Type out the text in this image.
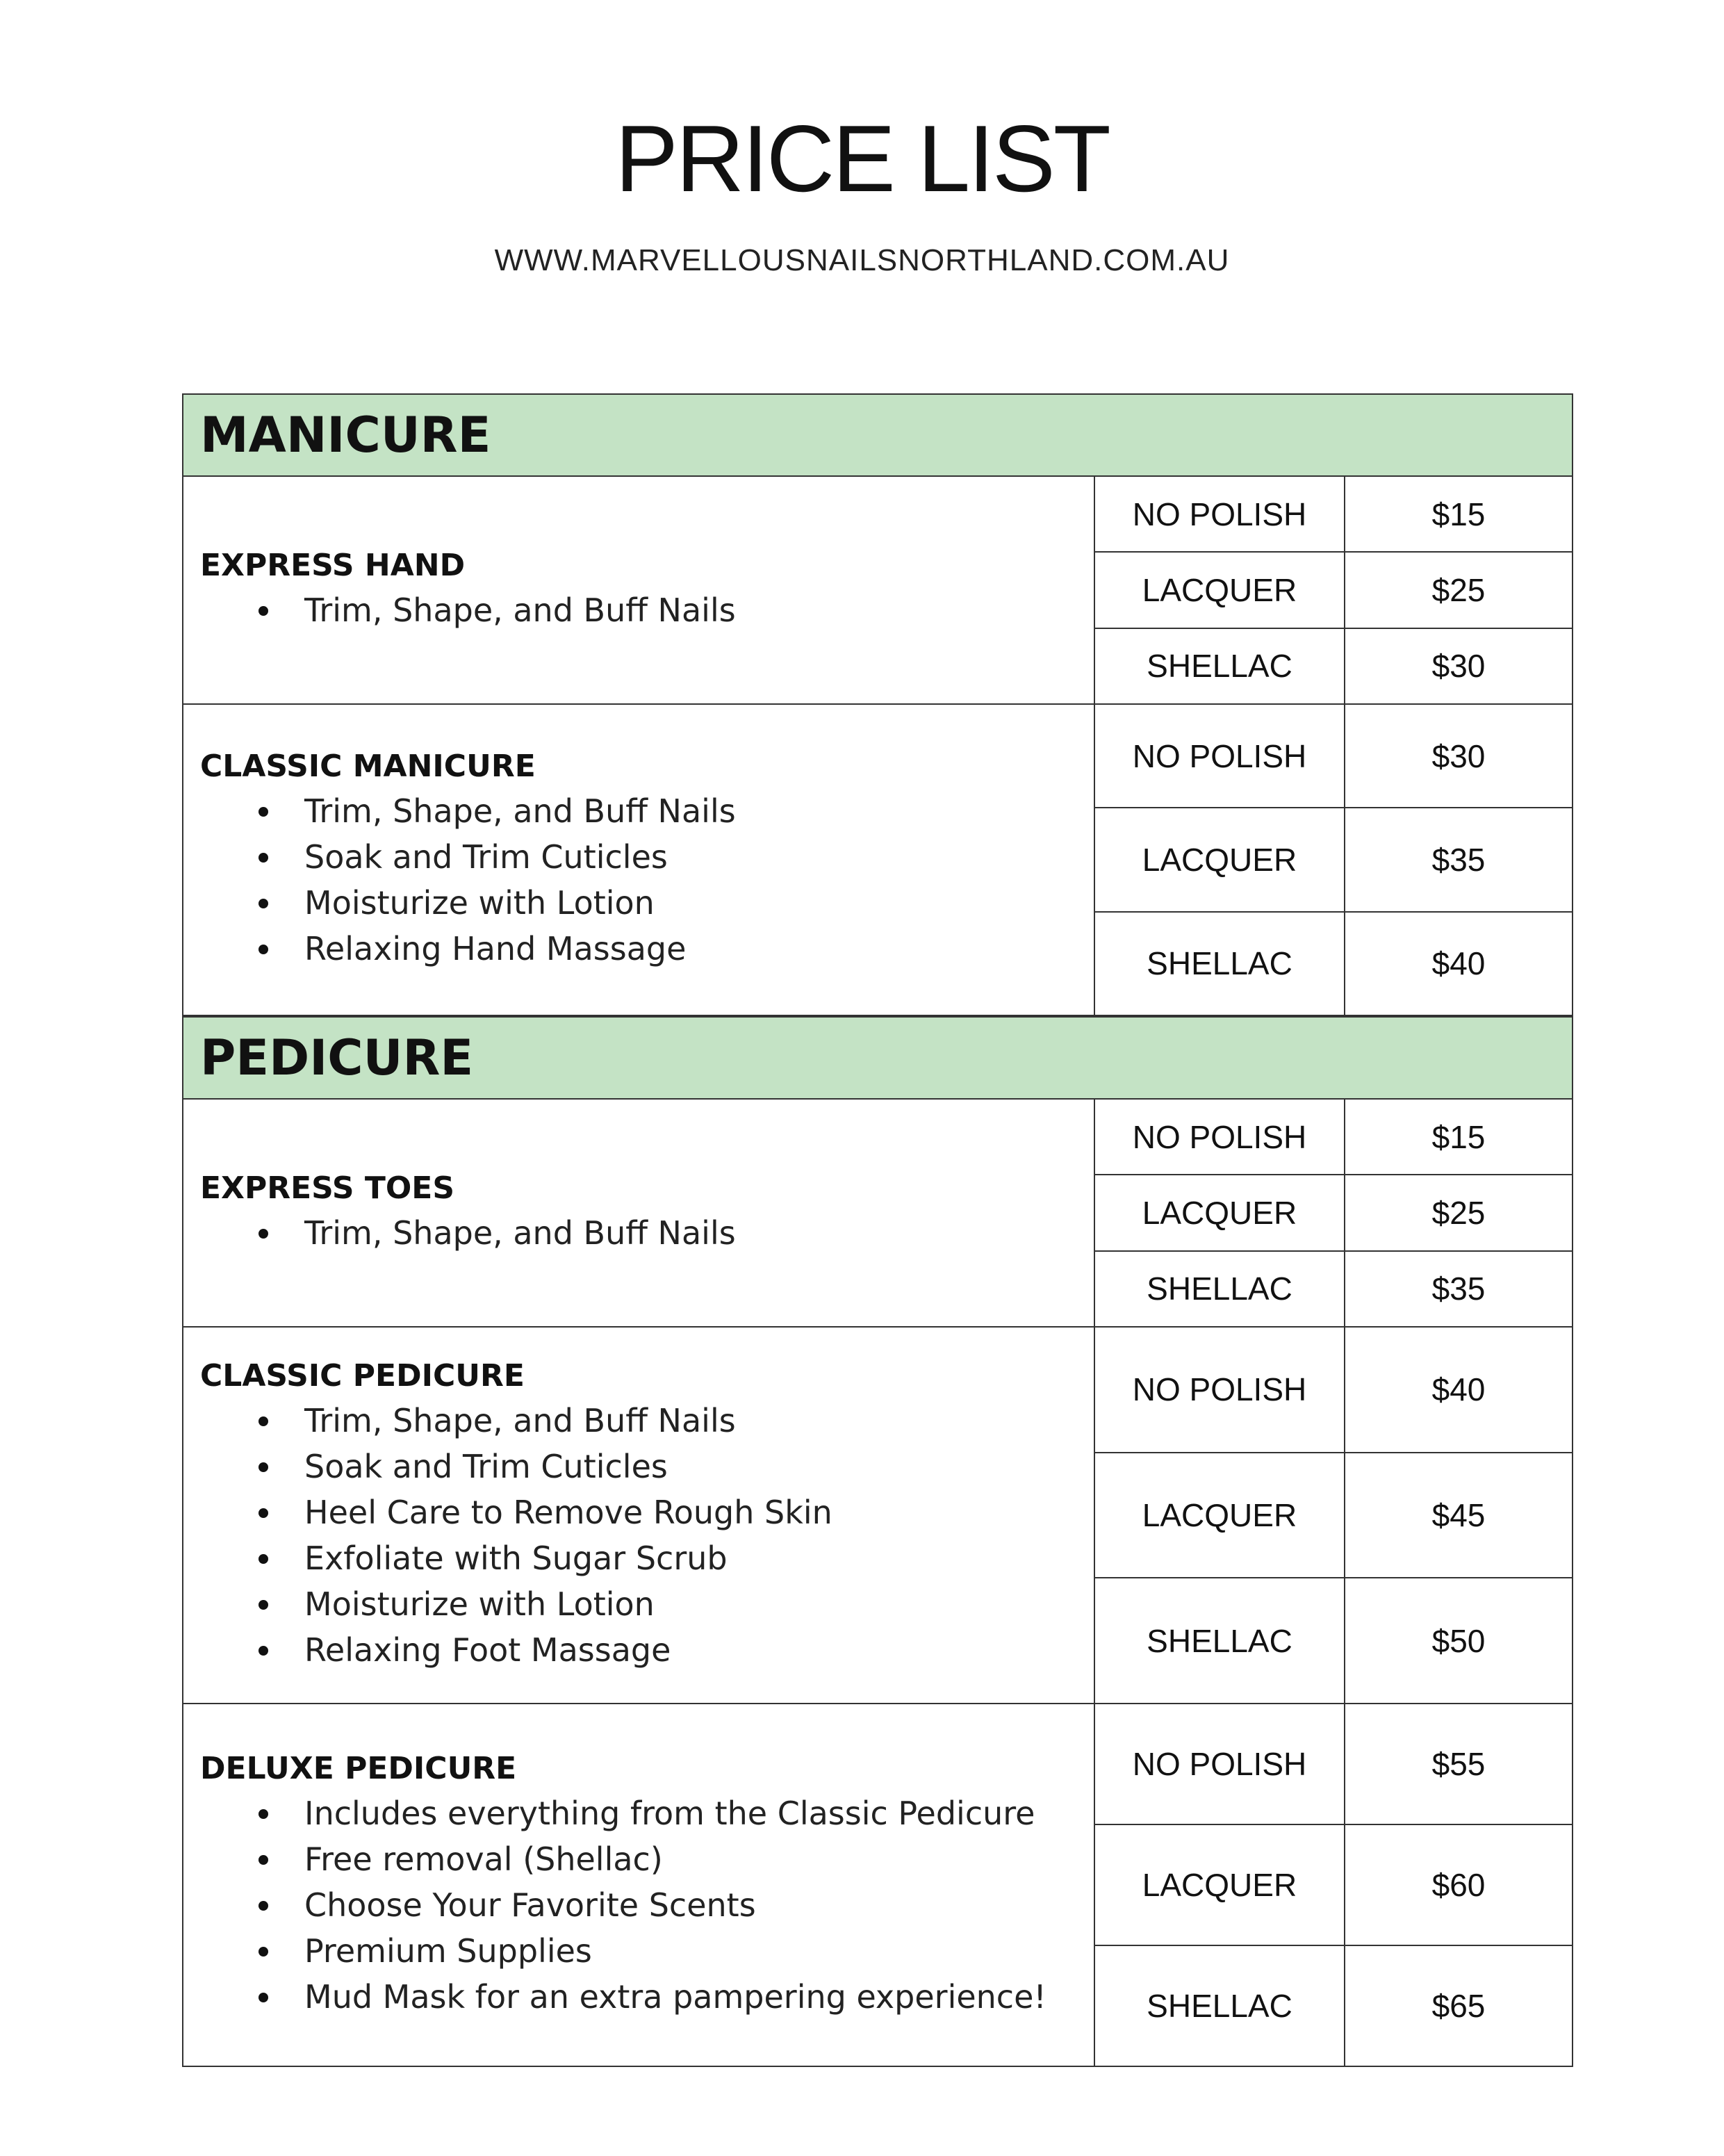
PRICE LIST
WWW.MARVELLOUSNAILSNORTHLAND.COM.AU
MANICURE
EXPRESS HAND
Trim, Shape, and Buff Nails
NO POLISH	$15
LACQUER	$25
SHELLAC	$30
CLASSIC MANICURE
Trim, Shape, and Buff Nails
Soak and Trim Cuticles
Moisturize with Lotion
Relaxing Hand Massage
NO POLISH	$30
LACQUER	$35
SHELLAC	$40
PEDICURE
EXPRESS TOES
Trim, Shape, and Buff Nails
NO POLISH	$15
LACQUER	$25
SHELLAC	$35
CLASSIC PEDICURE
Trim, Shape, and Buff Nails
Soak and Trim Cuticles
Heel Care to Remove Rough Skin
Exfoliate with Sugar Scrub
Moisturize with Lotion
Relaxing Foot Massage
NO POLISH	$40
LACQUER	$45
SHELLAC	$50
DELUXE PEDICURE
Includes everything from the Classic Pedicure
Free removal (Shellac)
Choose Your Favorite Scents
Premium Supplies
Mud Mask for an extra pampering experience!
NO POLISH	$55
LACQUER	$60
SHELLAC	$65
